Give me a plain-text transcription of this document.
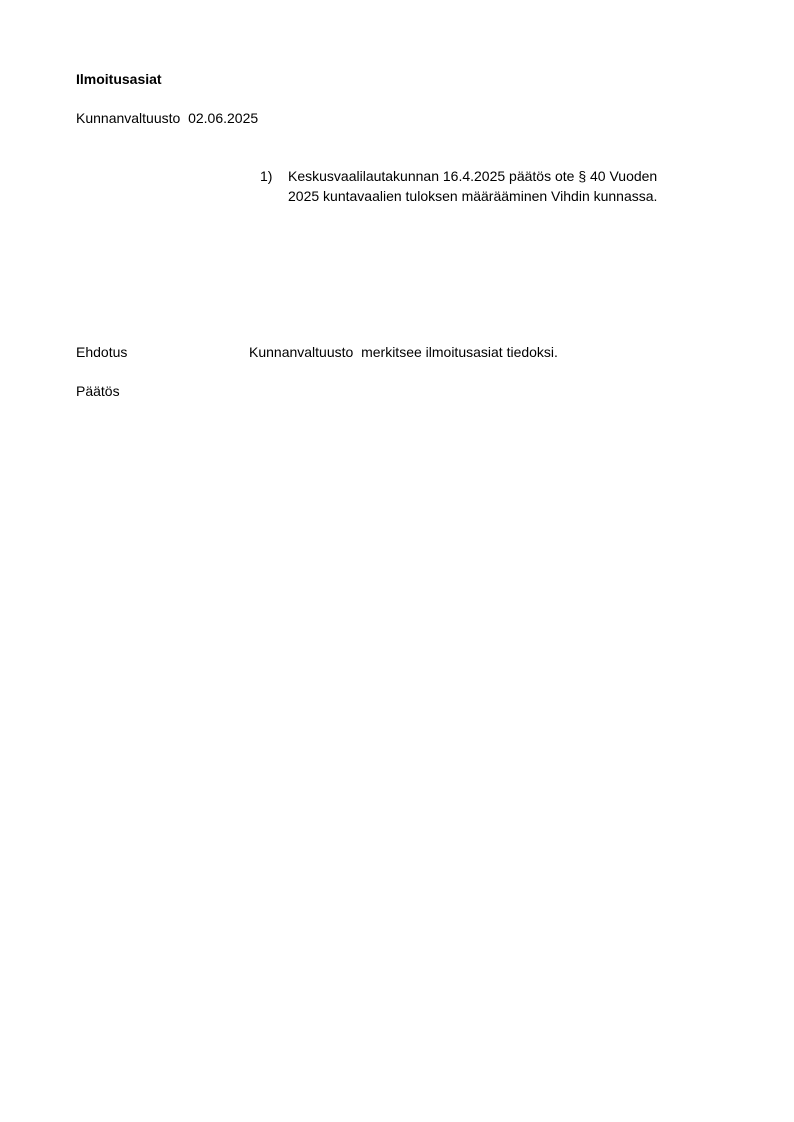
Ilmoitusasiat
Kunnanvaltuusto  02.06.2025
1)	Keskusvaalilautakunnan 16.4.2025 päätös ote § 40 Vuoden 2025 kuntavaalien tuloksen määrääminen Vihdin kunnassa.
Ehdotus	Kunnanvaltuusto  merkitsee ilmoitusasiat tiedoksi.
Päätös
